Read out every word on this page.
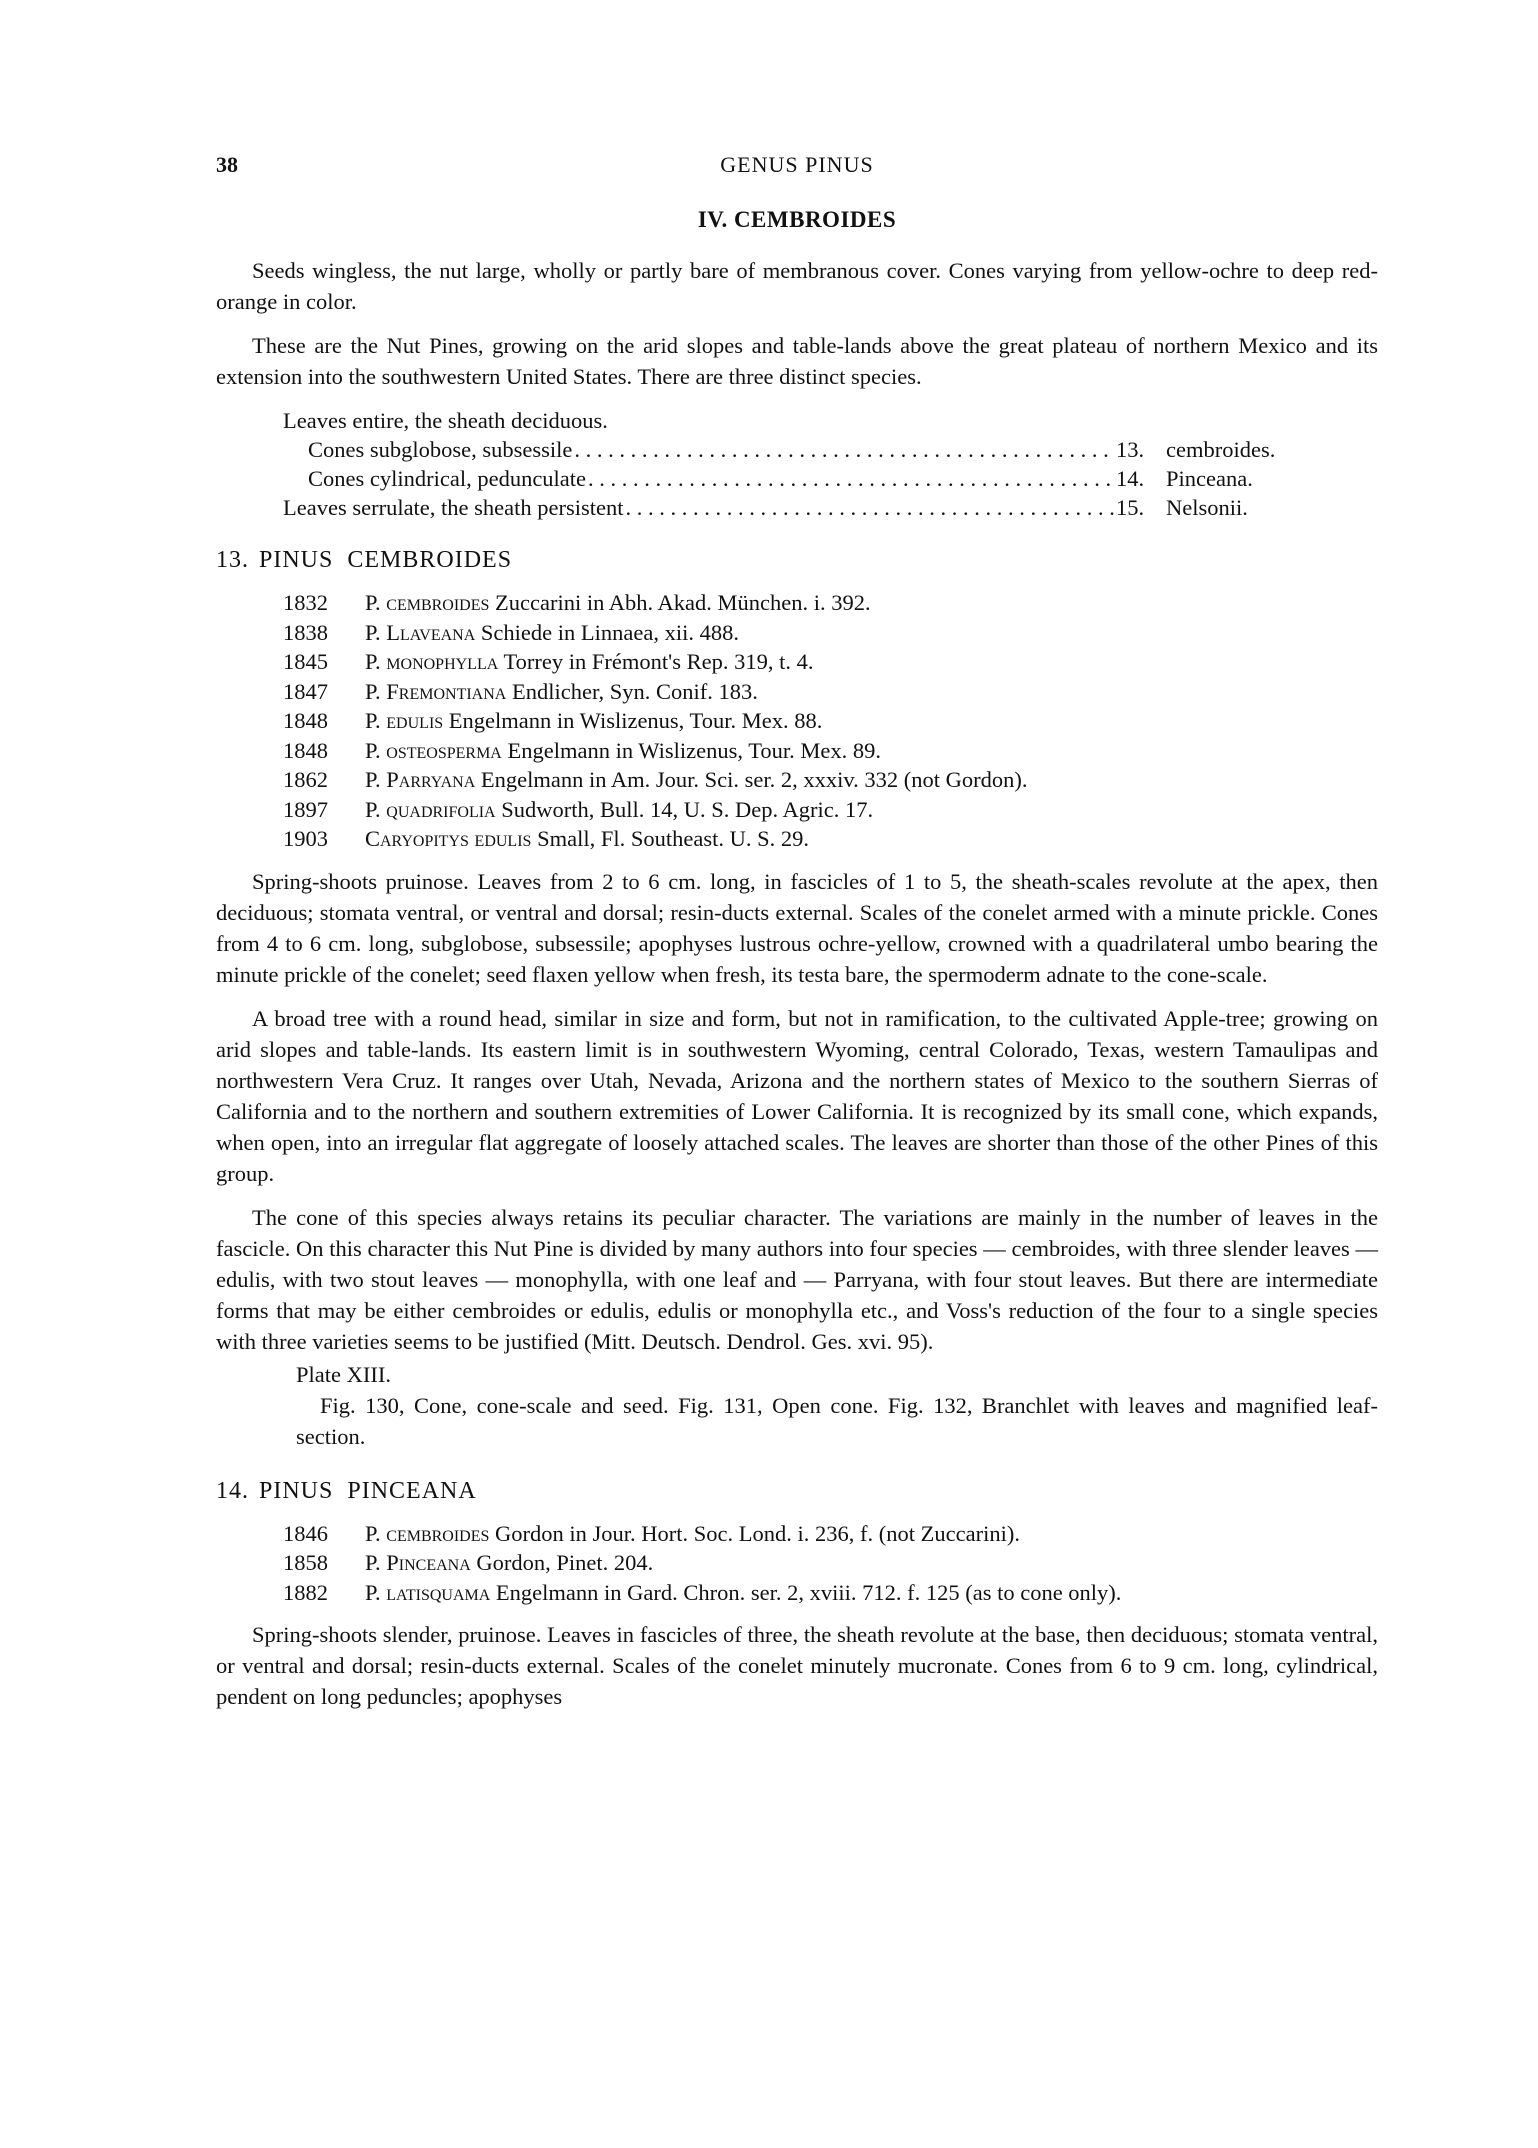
38	GENUS PINUS
IV. CEMBROIDES

Seeds wingless, the nut large, wholly or partly bare of membranous cover. Cones varying from yellow-ochre to deep red-orange in color.

These are the Nut Pines, growing on the arid slopes and table-lands above the great plateau of northern Mexico and its extension into the southwestern United States. There are three distinct species.

Leaves entire, the sheath deciduous.
Cones subglobose, subsessile . . .	13. cembroides.
Cones cylindrical, pedunculate . . .	14. Pinceana.
Leaves serrulate, the sheath persistent . . .	15. Nelsonii.
13. PINUS  CEMBROIDES
1832 P. cembroides Zuccarini in Abh. Akad. München. i. 392.
1838 P. Llaveana Schiede in Linnaea, xii. 488.
1845 P. monophylla Torrey in Frémont's Rep. 319, t. 4.
1847 P. Fremontiana Endlicher, Syn. Conif. 183.
1848 P. edulis Engelmann in Wislizenus, Tour. Mex. 88.
1848 P. osteosperma Engelmann in Wislizenus, Tour. Mex. 89.
1862 P. Parryana Engelmann in Am. Jour. Sci. ser. 2, xxxiv. 332 (not Gordon).
1897 P. quadrifolia Sudworth, Bull. 14, U. S. Dep. Agric. 17.
1903 Caryopitys edulis Small, Fl. Southeast. U. S. 29.

Spring-shoots pruinose. Leaves from 2 to 6 cm. long, in fascicles of 1 to 5, the sheath-scales revolute at the apex, then deciduous; stomata ventral, or ventral and dorsal; resin-ducts external. Scales of the conelet armed with a minute prickle. Cones from 4 to 6 cm. long, subglobose, subsessile; apophyses lustrous ochre-yellow, crowned with a quadrilateral umbo bearing the minute prickle of the conelet; seed flaxen yellow when fresh, its testa bare, the spermoderm adnate to the cone-scale.

A broad tree with a round head, similar in size and form, but not in ramification, to the cultivated Apple-tree; growing on arid slopes and table-lands. Its eastern limit is in southwestern Wyoming, central Colorado, Texas, western Tamaulipas and northwestern Vera Cruz. It ranges over Utah, Nevada, Arizona and the northern states of Mexico to the southern Sierras of California and to the northern and southern extremities of Lower California. It is recognized by its small cone, which expands, when open, into an irregular flat aggregate of loosely attached scales. The leaves are shorter than those of the other Pines of this group.

The cone of this species always retains its peculiar character. The variations are mainly in the number of leaves in the fascicle. On this character this Nut Pine is divided by many authors into four species — cembroides, with three slender leaves — edulis, with two stout leaves — monophylla, with one leaf and — Parryana, with four stout leaves. But there are intermediate forms that may be either cembroides or edulis, edulis or monophylla etc., and Voss's reduction of the four to a single species with three varieties seems to be justified (Mitt. Deutsch. Dendrol. Ges. xvi. 95).

Plate XIII.
Fig. 130, Cone, cone-scale and seed. Fig. 131, Open cone. Fig. 132, Branchlet with leaves and magnified leaf-section.
14. PINUS  PINCEANA
1846 P. cembroides Gordon in Jour. Hort. Soc. Lond. i. 236, f. (not Zuccarini).
1858 P. Pinceana Gordon, Pinet. 204.
1882 P. latisquama Engelmann in Gard. Chron. ser. 2, xviii. 712. f. 125 (as to cone only).

Spring-shoots slender, pruinose. Leaves in fascicles of three, the sheath revolute at the base, then deciduous; stomata ventral, or ventral and dorsal; resin-ducts external. Scales of the conelet minutely mucronate. Cones from 6 to 9 cm. long, cylindrical, pendent on long peduncles; apophyses
